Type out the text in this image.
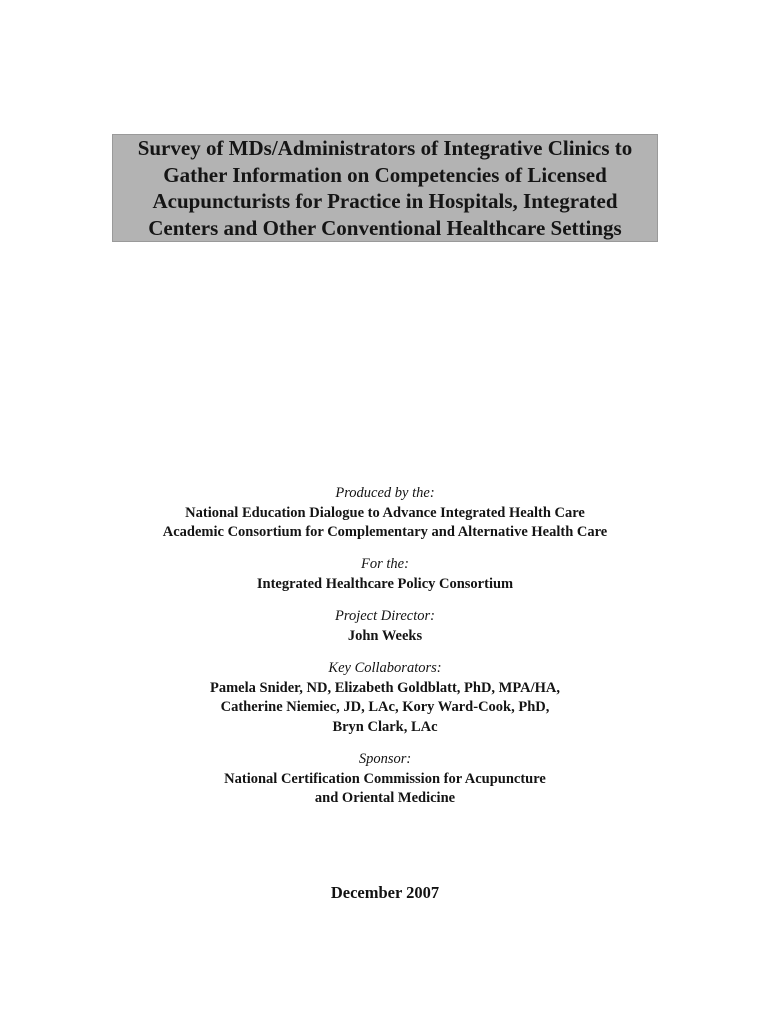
Survey of MDs/Administrators of Integrative Clinics to
Gather Information on Competencies of Licensed
Acupuncturists for Practice in Hospitals, Integrated
Centers and Other Conventional Healthcare Settings
Produced by the:
National Education Dialogue to Advance Integrated Health Care
Academic Consortium for Complementary and Alternative Health Care
For the:
Integrated Healthcare Policy Consortium
Project Director:
John Weeks
Key Collaborators:
Pamela Snider, ND, Elizabeth Goldblatt, PhD, MPA/HA,
Catherine Niemiec, JD, LAc, Kory Ward-Cook, PhD,
Bryn Clark, LAc
Sponsor:
National Certification Commission for Acupuncture
and Oriental Medicine
December 2007
